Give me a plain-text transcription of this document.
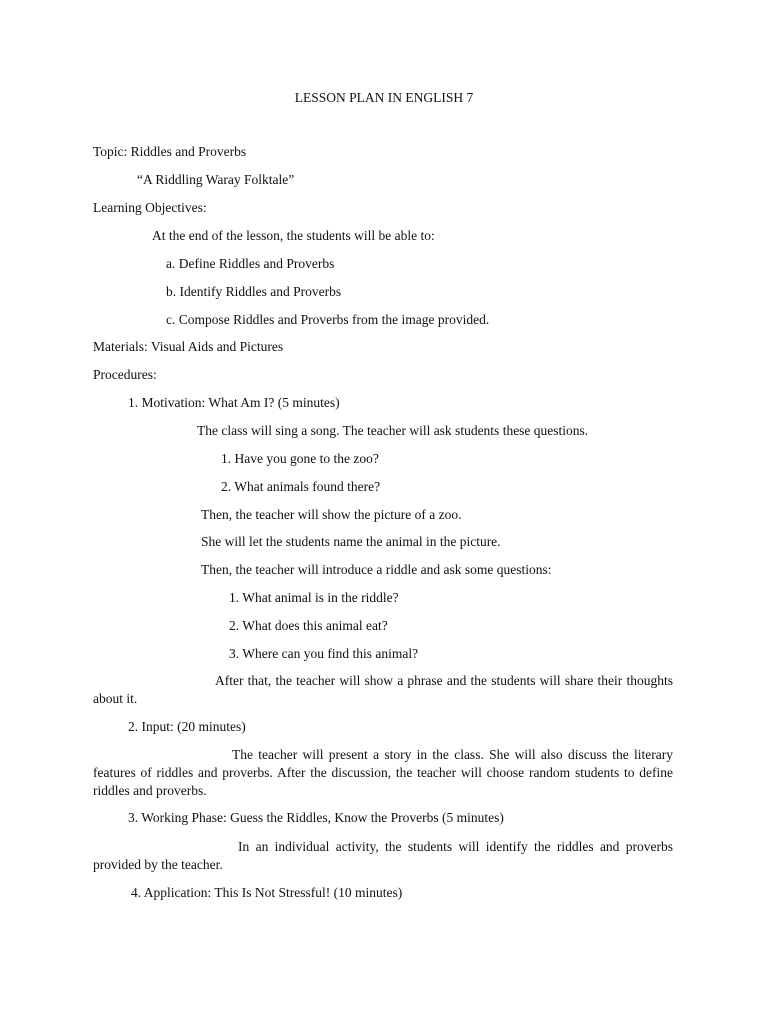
LESSON PLAN IN ENGLISH 7
Topic: Riddles and Proverbs
“A Riddling Waray Folktale”
Learning Objectives:
At the end of the lesson, the students will be able to:
a. Define Riddles and Proverbs
b. Identify Riddles and Proverbs
c. Compose Riddles and Proverbs from the image provided.
Materials: Visual Aids and Pictures
Procedures:
1. Motivation: What Am I? (5 minutes)
The class will sing a song. The teacher will ask students these questions.
1. Have you gone to the zoo?
2. What animals found there?
Then, the teacher will show the picture of a zoo.
She will let the students name the animal in the picture.
Then, the teacher will introduce a riddle and ask some questions:
1. What animal is in the riddle?
2. What does this animal eat?
3. Where can you find this animal?
After that, the teacher will show a phrase and the students will share their thoughts about it.
2. Input: (20 minutes)
The teacher will present a story in the class. She will also discuss the literary features of riddles and proverbs. After the discussion, the teacher will choose random students to define riddles and proverbs.
3. Working Phase: Guess the Riddles, Know the Proverbs (5 minutes)
In an individual activity, the students will identify the riddles and proverbs provided by the teacher.
4. Application: This Is Not Stressful! (10 minutes)
